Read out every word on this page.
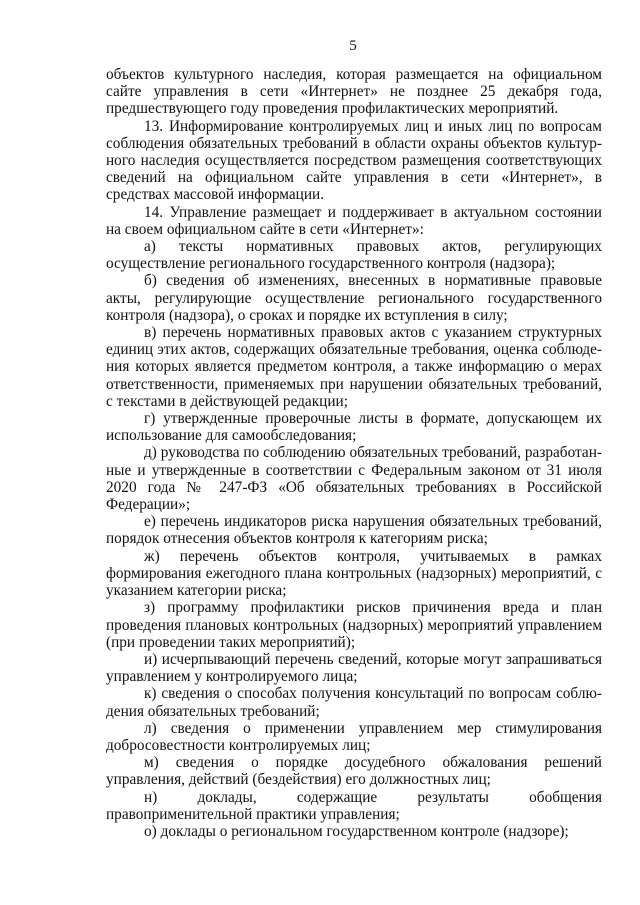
5

объектов культурного наследия, которая размещается на официальном сайте управления в сети «Интернет» не позднее 25 декабря года, предшествующего году проведения профилактических мероприятий.

13. Информирование контролируемых лиц и иных лиц по вопросам соблюдения обязательных требований в области охраны объектов культурного наследия осуществляется посредством размещения соответствующих сведений на официальном сайте управления в сети «Интернет», в средствах массовой информации.

14. Управление размещает и поддерживает в актуальном состоянии на своем официальном сайте в сети «Интернет»:

а) тексты нормативных правовых актов, регулирующих осуществление регионального государственного контроля (надзора);

б) сведения об изменениях, внесенных в нормативные правовые акты, регулирующие осуществление регионального государственного контроля (надзора), о сроках и порядке их вступления в силу;

в) перечень нормативных правовых актов с указанием структурных единиц этих актов, содержащих обязательные требования, оценка соблюдения которых является предметом контроля, а также информацию о мерах ответственности, применяемых при нарушении обязательных требований, с текстами в действующей редакции;

г) утвержденные проверочные листы в формате, допускающем их использование для самообследования;

д) руководства по соблюдению обязательных требований, разработанные и утвержденные в соответствии с Федеральным законом от 31 июля 2020 года № 247-ФЗ «Об обязательных требованиях в Российской Федерации»;

е) перечень индикаторов риска нарушения обязательных требований, порядок отнесения объектов контроля к категориям риска;

ж) перечень объектов контроля, учитываемых в рамках формирования ежегодного плана контрольных (надзорных) мероприятий, с указанием категории риска;

з) программу профилактики рисков причинения вреда и план проведения плановых контрольных (надзорных) мероприятий управлением (при проведении таких мероприятий);

и) исчерпывающий перечень сведений, которые могут запрашиваться управлением у контролируемого лица;

к) сведения о способах получения консультаций по вопросам соблюдения обязательных требований;

л) сведения о применении управлением мер стимулирования добросовестности контролируемых лиц;

м) сведения о порядке досудебного обжалования решений управления, действий (бездействия) его должностных лиц;

н) доклады, содержащие результаты обобщения правоприменительной практики управления;

о) доклады о региональном государственном контроле (надзоре);
